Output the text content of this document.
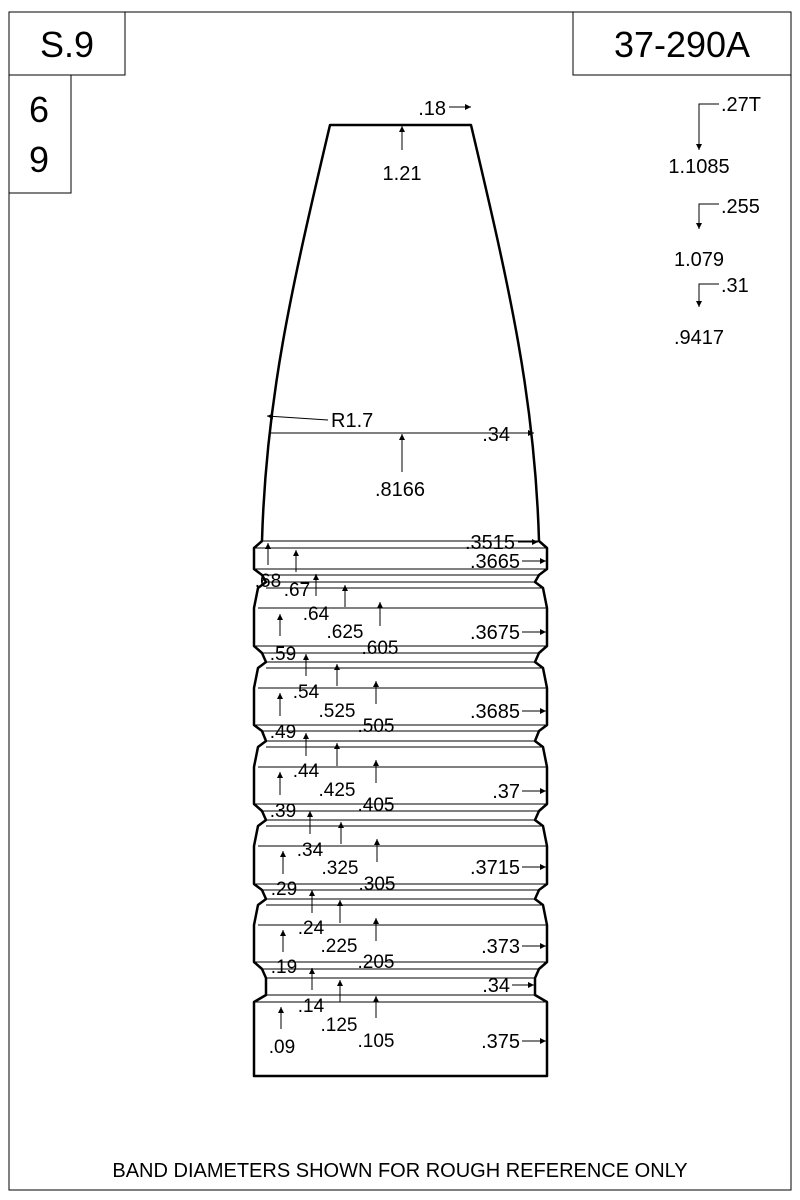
S.9	37-290A
6
9
.18
1.21
R1.7
.34
.8166
.27T
1.1085
.255
1.079
.31
.9417
.3515
.3665
.3675
.3685
.37
.3715
.373
.34
.375
.68 .67
.59
.64
.625
.605
.49
.54
.525
.505
.39
.44
.425
.405
.29
.34
.325
.305
.19
.24
.225
.205
.09
.14
.125
.105
BAND DIAMETERS SHOWN FOR ROUGH REFERENCE ONLY
